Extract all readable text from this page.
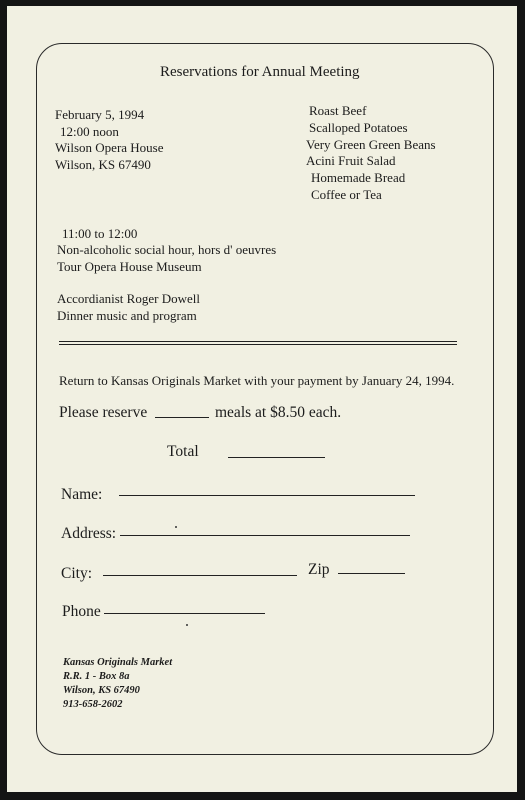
Reservations for Annual Meeting
February 5, 1994
12:00 noon
Wilson Opera House
Wilson, KS 67490
Roast Beef
Scalloped Potatoes
Very Green Green Beans
Acini Fruit Salad
Homemade Bread
Coffee or Tea
11:00 to 12:00
Non-alcoholic social hour, hors d' oeuvres
Tour Opera House Museum
Accordianist Roger Dowell
Dinner music and program
Return to Kansas Originals Market with your payment by January 24, 1994.
Please reserve	meals at $8.50 each.
Total
Name:
Address:
City:	Zip
Phone
Kansas Originals Market
R.R. 1 - Box 8a
Wilson, KS 67490
913-658-2602
